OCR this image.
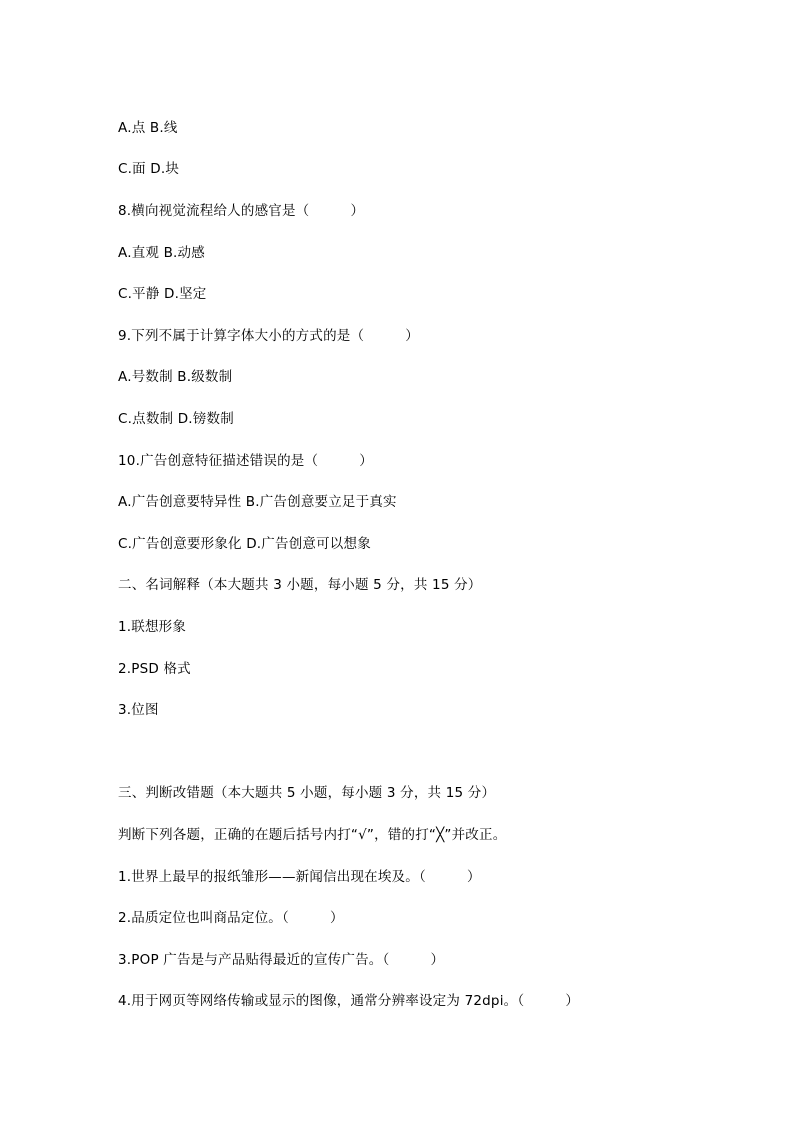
A.点 B.线
C.面 D.块
8.横向视觉流程给人的感官是（　　　）
A.直观 B.动感
C.平静 D.坚定
9.下列不属于计算字体大小的方式的是（　　　）
A.号数制 B.级数制
C.点数制 D.镑数制
10.广告创意特征描述错误的是（　　　）
A.广告创意要特异性 B.广告创意要立足于真实
C.广告创意要形象化 D.广告创意可以想象
二、名词解释（本大题共 3 小题，每小题 5 分，共 15 分）
1.联想形象
2.PSD 格式
3.位图
三、判断改错题（本大题共 5 小题，每小题 3 分，共 15 分）
判断下列各题，正确的在题后括号内打“√”，错的打“╳”并改正。
1.世界上最早的报纸雏形——新闻信出现在埃及。（　　　）
2.品质定位也叫商品定位。（　　　）
3.POP 广告是与产品贴得最近的宣传广告。（　　　）
4.用于网页等网络传输或显示的图像，通常分辨率设定为 72dpi。（　　　）
